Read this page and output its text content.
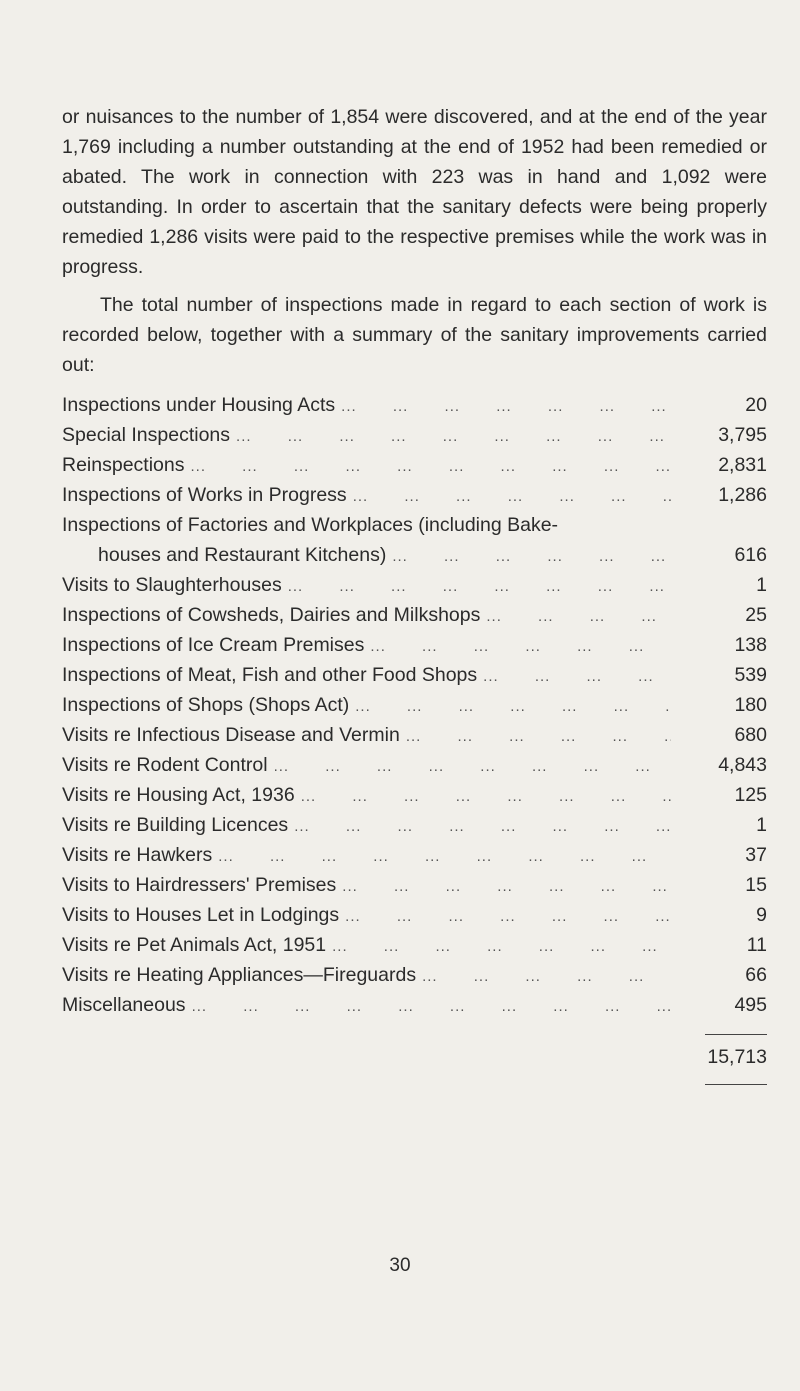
or nuisances to the number of 1,854 were discovered, and at the end of the year 1,769 including a number outstanding at the end of 1952 had been remedied or abated. The work in connection with 223 was in hand and 1,092 were outstanding. In order to ascertain that the sanitary defects were being properly remedied 1,286 visits were paid to the respective premises while the work was in progress.

The total number of inspections made in regard to each section of work is recorded below, together with a summary of the sanitary improvements carried out:

Inspections under Housing Acts ...	20
Special Inspections ...	3,795
Reinspections ...	2,831
Inspections of Works in Progress ...	1,286
Inspections of Factories and Workplaces (including Bake-
houses and Restaurant Kitchens) ...	616
Visits to Slaughterhouses ...	1
Inspections of Cowsheds, Dairies and Milkshops ...	25
Inspections of Ice Cream Premises ...	138
Inspections of Meat, Fish and other Food Shops ...	539
Inspections of Shops (Shops Act) ...	180
Visits re Infectious Disease and Vermin ...	680
Visits re Rodent Control ...	4,843
Visits re Housing Act, 1936 ...	125
Visits re Building Licences ...	1
Visits re Hawkers ...	37
Visits to Hairdressers' Premises ...	15
Visits to Houses Let in Lodgings ...	9
Visits re Pet Animals Act, 1951 ...	11
Visits re Heating Appliances—Fireguards ...	66
Miscellaneous ...	495
15,713
30
